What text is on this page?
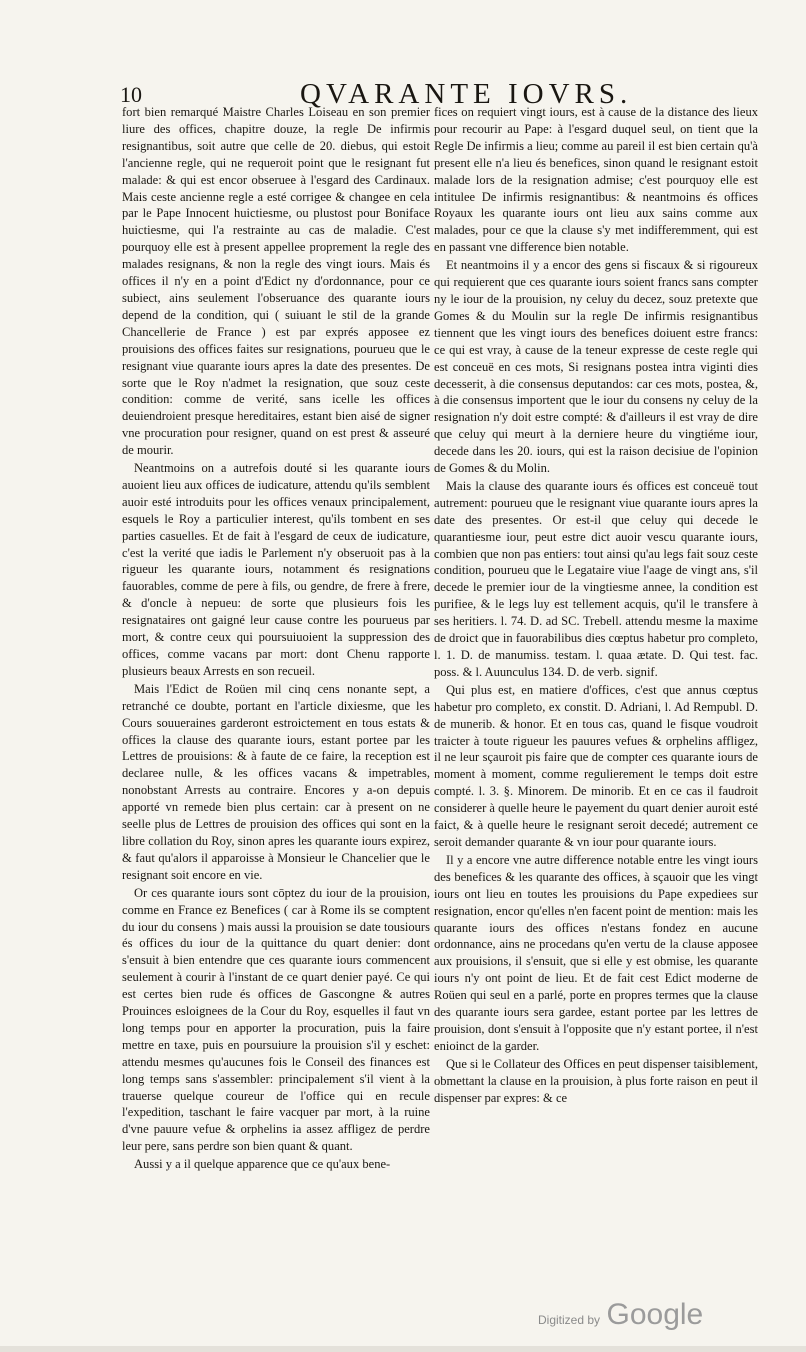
10	QVARANTE IOVRS.

fort bien remarqué Maistre Charles Loiseau en son premier liure des offices, chapitre douze, la regle De infirmis resignantibus, soit autre que celle de 20. diebus, qui estoit l'ancienne regle, qui ne requeroit point que le resignant fut malade: & qui est encor obseruee à l'esgard des Cardinaux. Mais ceste ancienne regle a esté corrigee & changee en cela par le Pape Innocent huictiesme, ou plustost pour Boniface huictiesme, qui l'a restrainte au cas de maladie. C'est pourquoy elle est à present appellee proprement la regle des malades resignans, & non la regle des vingt iours. Mais és offices il n'y en a point d'Edict ny d'ordonnance, pour ce subiect, ains seulement l'obseruance des quarante iours depend de la condition, qui ( suiuant le stil de la grande Chancellerie de France ) est par exprés apposee ez prouisions des offices faites sur resignations, pourueu que le resignant viue quarante iours apres la date des presentes. De sorte que le Roy n'admet la resignation, que souz ceste condition: comme de verité, sans icelle les offices deuiendroient presque hereditaires, estant bien aisé de signer vne procuration pour resigner, quand on est prest & asseuré de mourir.

Neantmoins on a autrefois douté si les quarante iours auoient lieu aux offices de iudicature, attendu qu'ils semblent auoir esté introduits pour les offices venaux principalement, esquels le Roy a particulier interest, qu'ils tombent en ses parties casuelles. Et de fait à l'esgard de ceux de iudicature, c'est la verité que iadis le Parlement n'y obseruoit pas à la rigueur les quarante iours, notamment és resignations fauorables, comme de pere à fils, ou gendre, de frere à frere, & d'oncle à nepueu: de sorte que plusieurs fois les resignataires ont gaigné leur cause contre les pourueus par mort, & contre ceux qui poursuiuoient la suppression des offices, comme vacans par mort: dont Chenu rapporte plusieurs beaux Arrests en son recueil.

Mais l'Edict de Roüen mil cinq cens nonante sept, a retranché ce doubte, portant en l'article dixiesme, que les Cours souueraines garderont estroictement en tous estats & offices la clause des quarante iours, estant portee par les Lettres de prouisions: & à faute de ce faire, la reception est declaree nulle, & les offices vacans & impetrables, nonobstant Arrests au contraire. Encores y a-on depuis apporté vn remede bien plus certain: car à present on ne seelle plus de Lettres de prouision des offices qui sont en la libre collation du Roy, sinon apres les quarante iours expirez, & faut qu'alors il apparoisse à Monsieur le Chancelier que le resignant soit encore en vie.

Or ces quarante iours sont cōptez du iour de la prouision, comme en France ez Benefices ( car à Rome ils se comptent du iour du consens ) mais aussi la prouision se date tousiours és offices du iour de la quittance du quart denier: dont s'ensuit à bien entendre que ces quarante iours commencent seulement à courir à l'instant de ce quart denier payé. Ce qui est certes bien rude és offices de Gascongne & autres Prouinces esloignees de la Cour du Roy, esquelles il faut vn long temps pour en apporter la procuration, puis la faire mettre en taxe, puis en poursuiure la prouision s'il y eschet: attendu mesmes qu'aucunes fois le Conseil des finances est long temps sans s'assembler: principalement s'il vient à la trauerse quelque coureur de l'office qui en recule l'expedition, taschant le faire vacquer par mort, à la ruine d'vne pauure vefue & orphelins ia assez affligez de perdre leur pere, sans perdre son bien quant & quant.

Aussi y a il quelque apparence que ce qu'aux bene-

fices on requiert vingt iours, est à cause de la distance des lieux pour recourir au Pape: à l'esgard duquel seul, on tient que la Regle De infirmis a lieu; comme au pareil il est bien certain qu'à present elle n'a lieu és benefices, sinon quand le resignant estoit malade lors de la resignation admise; c'est pourquoy elle est intitulee De infirmis resignantibus: & neantmoins és offices Royaux les quarante iours ont lieu aux sains comme aux malades, pour ce que la clause s'y met indifferemment, qui est en passant vne difference bien notable.

Et neantmoins il y a encor des gens si fiscaux & si rigoureux qui requierent que ces quarante iours soient francs sans compter ny le iour de la prouision, ny celuy du decez, souz pretexte que Gomes & du Moulin sur la regle De infirmis resignantibus tiennent que les vingt iours des benefices doiuent estre francs: ce qui est vray, à cause de la teneur expresse de ceste regle qui est conceuë en ces mots, Si resignans postea intra viginti dies decesserit, à die consensus deputandos: car ces mots, postea, &, à die consensus importent que le iour du consens ny celuy de la resignation n'y doit estre compté: & d'ailleurs il est vray de dire que celuy qui meurt à la derniere heure du vingtiéme iour, decede dans les 20. iours, qui est la raison decisiue de l'opinion de Gomes & du Molin.

Mais la clause des quarante iours és offices est conceuë tout autrement: pourueu que le resignant viue quarante iours apres la date des presentes. Or est-il que celuy qui decede le quarantiesme iour, peut estre dict auoir vescu quarante iours, combien que non pas entiers: tout ainsi qu'au legs fait souz ceste condition, pourueu que le Legataire viue l'aage de vingt ans, s'il decede le premier iour de la vingtiesme annee, la condition est purifiee, & le legs luy est tellement acquis, qu'il le transfere à ses heritiers. l. 74. D. ad SC. Trebell. attendu mesme la maxime de droict que in fauorabilibus dies cœptus habetur pro completo, l. 1. D. de manumiss. testam. l. quaa ætate. D. Qui test. fac. poss. & l. Auunculus 134. D. de verb. signif.

Qui plus est, en matiere d'offices, c'est que annus cœptus habetur pro completo, ex constit. D. Adriani, l. Ad Rempubl. D. de munerib. & honor. Et en tous cas, quand le fisque voudroit traicter à toute rigueur les pauures vefues & orphelins affligez, il ne leur sçauroit pis faire que de compter ces quarante iours de moment à moment, comme regulierement le temps doit estre compté. l. 3. §. Minorem. De minorib. Et en ce cas il faudroit considerer à quelle heure le payement du quart denier auroit esté faict, & à quelle heure le resignant seroit decedé; autrement ce seroit demander quarante & vn iour pour quarante iours.

Il y a encore vne autre difference notable entre les vingt iours des benefices & les quarante des offices, à sçauoir que les vingt iours ont lieu en toutes les prouisions du Pape expediees sur resignation, encor qu'elles n'en facent point de mention: mais les quarante iours des offices n'estans fondez en aucune ordonnance, ains ne procedans qu'en vertu de la clause apposee aux prouisions, il s'ensuit, que si elle y est obmise, les quarante iours n'y ont point de lieu. Et de fait cest Edict moderne de Roüen qui seul en a parlé, porte en propres termes que la clause des quarante iours sera gardee, estant portee par les lettres de prouision, dont s'ensuit à l'opposite que n'y estant portee, il n'est enioinct de la garder.

Que si le Collateur des Offices en peut dispenser taisiblement, obmettant la clause en la prouision, à plus forte raison en peut il dispenser par expres: & ce

Digitized by Google
